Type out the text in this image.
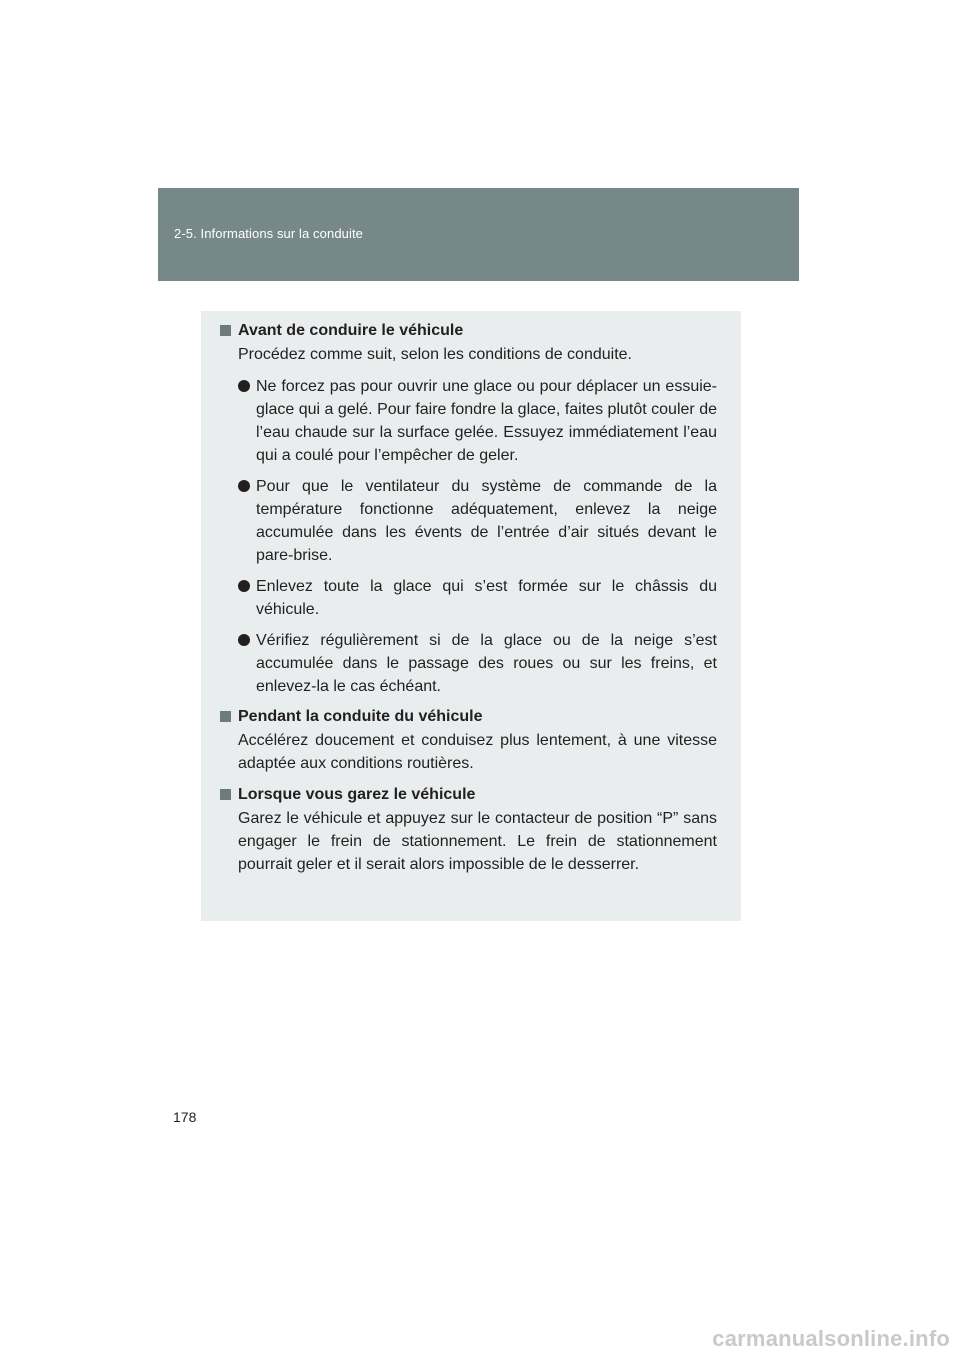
2-5. Informations sur la conduite
Avant de conduire le véhicule
Procédez comme suit, selon les conditions de conduite.
Ne forcez pas pour ouvrir une glace ou pour déplacer un essuie-glace qui a gelé. Pour faire fondre la glace, faites plutôt couler de l’eau chaude sur la surface gelée. Essuyez immédiatement l’eau qui a coulé pour l’empêcher de geler.
Pour que le ventilateur du système de commande de la température fonctionne adéquatement, enlevez la neige accumulée dans les évents de l’entrée d’air situés devant le pare-brise.
Enlevez toute la glace qui s’est formée sur le châssis du véhicule.
Vérifiez régulièrement si de la glace ou de la neige s’est accumulée dans le passage des roues ou sur les freins, et enlevez-la le cas échéant.
Pendant la conduite du véhicule
Accélérez doucement et conduisez plus lentement, à une vitesse adaptée aux conditions routières.
Lorsque vous garez le véhicule
Garez le véhicule et appuyez sur le contacteur de position “P” sans engager le frein de stationnement. Le frein de stationnement pourrait geler et il serait alors impossible de le desserrer.
178
carmanualsonline.info
